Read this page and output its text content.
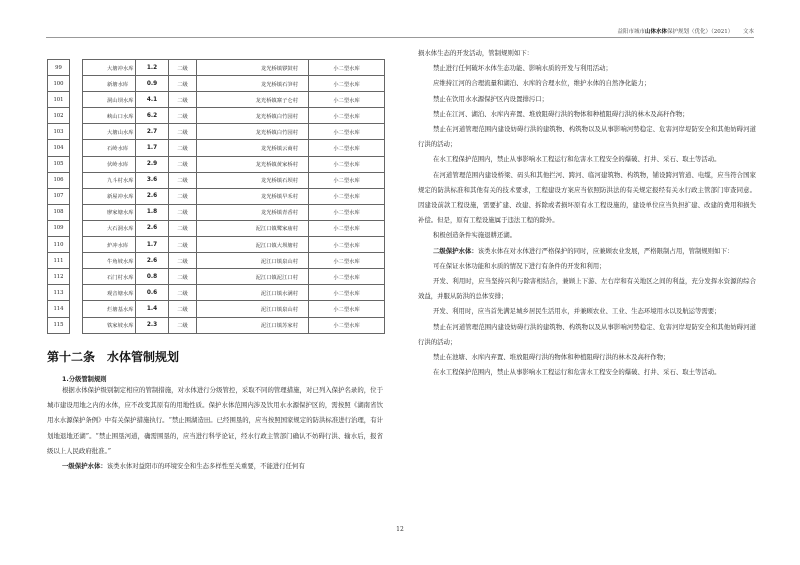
益阳市城市山体水体保护规划（优化）（2021） 文本
99		大塘冲水库	1.2	二级	龙光桥镇锣鼓村	小二型水库
100		新塘水库	0.9	二级	龙光桥镇石笋村	小二型水库
101		洞山坝水库	4.1	二级	龙光桥镇寨子仑村	小二型水库
102		峡山口水库	6.2	二级	龙光桥镇白竹园村	小二型水库
103		大塘山水库	2.7	二级	龙光桥镇白竹园村	小二型水库
104		石岭水库	1.7	二级	龙光桥镇云商村	小二型水库
105		伏岭水库	2.9	二级	龙光桥镇黄家桥村	小二型水库
106		九斗村水库	3.6	二级	龙光桥镇石坝村	小二型水库
107		新屋冲水库	2.6	二级	龙光桥镇早禾村	小二型水库
108		廖家塘水库	1.8	二级	龙光桥镇青香村	小二型水库
109		大石洞水库	2.6	二级	泥江口镇鹭家庙村	小二型水库
110		炉冲水库	1.7	二级	泥江口镇大坝塘村	小二型水库
111		牛角坡水库	2.6	二级	泥江口镇泉山村	小二型水库
112		石门村水库	0.8	二级	泥江口镇泥江口村	小二型水库
113		观音塘水库	0.6	二级	泥江口镇水满村	小二型水库
114		烂塘基水库	1.4	二级	泥江口镇泉山村	小二型水库
115		铁家坡水库	2.3	二级	泥江口镇苏家村	小二型水库
第十二条　水体管制规划
1.分级管制规则

根据水体保护级别制定相应的管制措施，对水体进行分级管控，采取不同的管理措施，对已列入保护名录的，位于城市建设用地之内的水体，应不改变其原有的用地性质。保护水体范围内涉及饮用水水源保护区的，需按照《湖南省饮用水水源保护条例》中有关保护措施执行。“禁止围湖造田。已经围垦的，应当按照国家规定的防洪标准进行治理，有计划地退地还湖”。“禁止围垦河道，确需围垦的，应当进行科学论证，经水行政主管部门确认不妨碍行洪、输水后，报省级以上人民政府批准。”

一级保护水体：该类水体对益阳市的环境安全和生态多样性至关重要，不能进行任何有

损水体生态的开发活动，管制规则如下：

禁止进行任何破坏水体生态功能、影响水质的开发与利用活动；

应维持江河的合理流量和湖泊、水库的合理水位，维护水体的自然净化能力；

禁止在饮用水水源保护区内设置排污口；

禁止在江河、湖泊、水库内弃置、堆放阻碍行洪的物体和种植阻碍行洪的林木及高秆作物；

禁止在河道管理范围内建设妨碍行洪的建筑物、构筑物以及从事影响河势稳定、危害河岸堤防安全和其他妨碍河道行洪的活动；

在水工程保护范围内，禁止从事影响水工程运行和危害水工程安全的爆破、打井、采石、取土等活动。

在河道管理范围内建设桥梁、码头和其他拦河、跨河、临河建筑物、构筑物，铺设跨河管道、电缆，应当符合国家规定的防洪标准和其他有关的技术要求，工程建设方案应当依照防洪法的有关规定报经有关水行政主管部门审查同意。因建设前款工程设施，需要扩建、改建、拆除或者损坏原有水工程设施的，建设单位应当负担扩建、改建的费用和损失补偿。但是，原有工程设施属于违法工程的除外。

积极创造条件实施退耕还湖。

二级保护水体：该类水体在对水体进行严格保护的同时，应兼顾农业发展，严格限制占用，管制规则如下：

可在保证水体功能和水质的情况下进行有条件的开发和利用；

开发、利用时，应当坚持兴利与除害相结合，兼顾上下游、左右岸和有关地区之间的利益，充分发挥水资源的综合效益，并服从防洪的总体安排；

开发、利用时，应当首先满足城乡居民生活用水，并兼顾农业、工业、生态环境用水以及航运等需要；

禁止在河道管理范围内建设妨碍行洪的建筑物、构筑物以及从事影响河势稳定、危害河岸堤防安全和其他妨碍河道行洪的活动；

禁止在池塘、水库内弃置、堆放阻碍行洪的物体和种植阻碍行洪的林木及高秆作物；

在水工程保护范围内，禁止从事影响水工程运行和危害水工程安全的爆破、打井、采石、取土等活动。

12
